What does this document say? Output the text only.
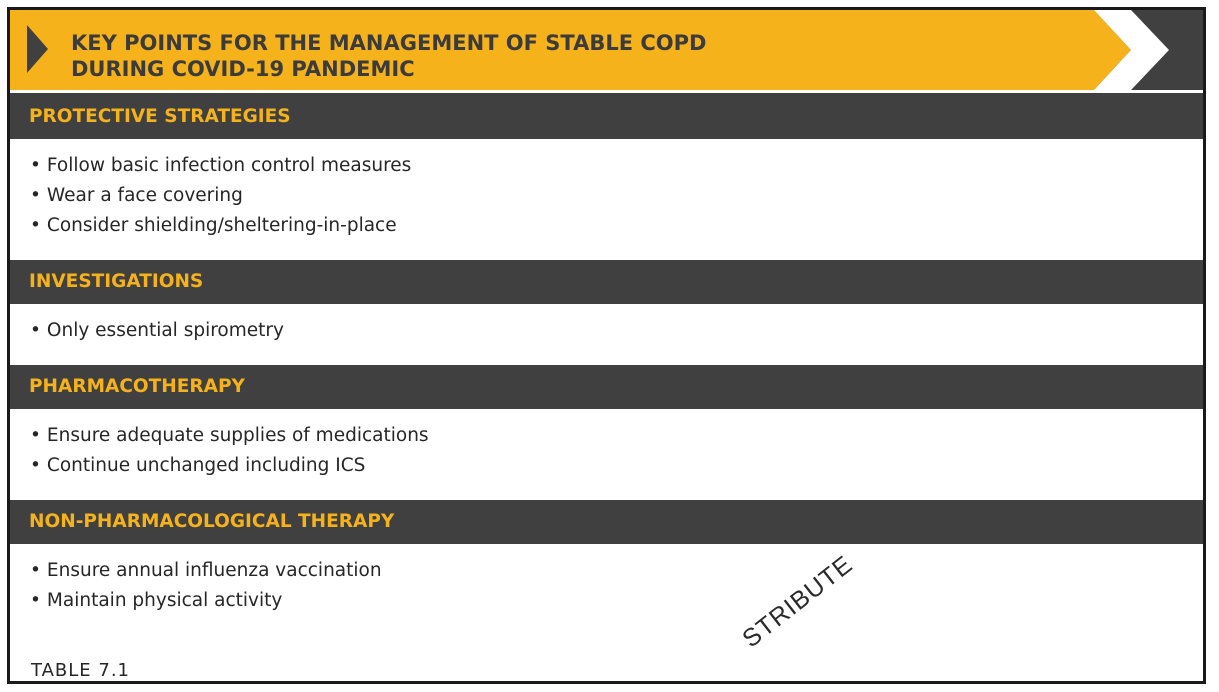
KEY POINTS FOR THE MANAGEMENT OF STABLE COPD
DURING COVID-19 PANDEMIC
PROTECTIVE STRATEGIES
• Follow basic infection control measures
• Wear a face covering
• Consider shielding/sheltering-in-place
INVESTIGATIONS
• Only essential spirometry
PHARMACOTHERAPY
• Ensure adequate supplies of medications
• Continue unchanged including ICS
NON-PHARMACOLOGICAL THERAPY
• Ensure annual influenza vaccination
• Maintain physical activity
TABLE 7.1
STRIBUTE
